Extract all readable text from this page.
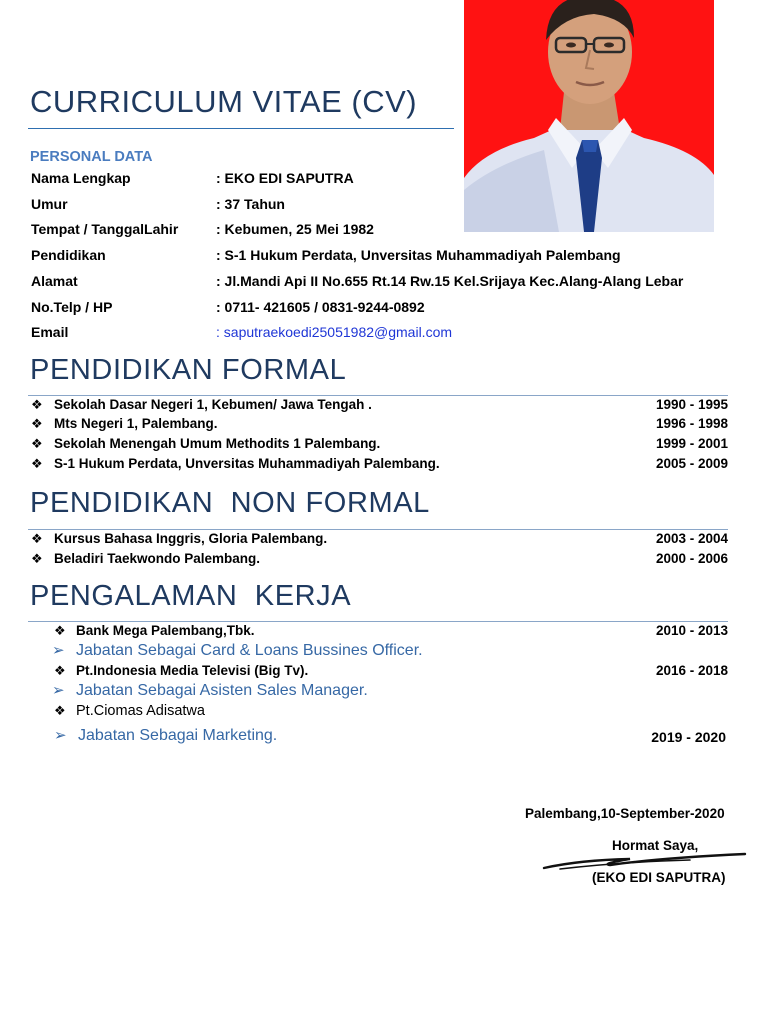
CURRICULUM VITAE (CV)
PERSONAL DATA
Nama Lengkap	: EKO EDI SAPUTRA
Umur	: 37 Tahun
Tempat / TanggalLahir	: Kebumen, 25 Mei 1982
Pendidikan	: S-1 Hukum Perdata, Unversitas Muhammadiyah Palembang
Alamat	: Jl.Mandi Api II No.655 Rt.14 Rw.15 Kel.Srijaya Kec.Alang-Alang Lebar
No.Telp / HP	: 0711- 421605 / 0831-9244-0892
Email	: saputraekoedi25051982@gmail.com
PENDIDIKAN FORMAL
❖ Sekolah Dasar Negeri 1, Kebumen/ Jawa Tengah .	1990 - 1995
❖ Mts Negeri 1, Palembang.	1996 - 1998
❖ Sekolah Menengah Umum Methodits 1 Palembang.	1999 - 2001
❖ S-1 Hukum Perdata, Unversitas Muhammadiyah Palembang.	2005 - 2009
PENDIDIKAN  NON FORMAL
❖ Kursus Bahasa Inggris, Gloria Palembang.	2003 - 2004
❖ Beladiri Taekwondo Palembang.	2000 - 2006
PENGALAMAN  KERJA
❖ Bank Mega Palembang,Tbk.	2010 - 2013
➢ Jabatan Sebagai Card & Loans Bussines Officer.
❖ Pt.Indonesia Media Televisi (Big Tv).	2016 - 2018
➢ Jabatan Sebagai Asisten Sales Manager.
❖ Pt.Ciomas Adisatwa
➢ Jabatan Sebagai Marketing.	2019 - 2020
Palembang,10-September-2020
Hormat Saya,
(EKO EDI SAPUTRA)
